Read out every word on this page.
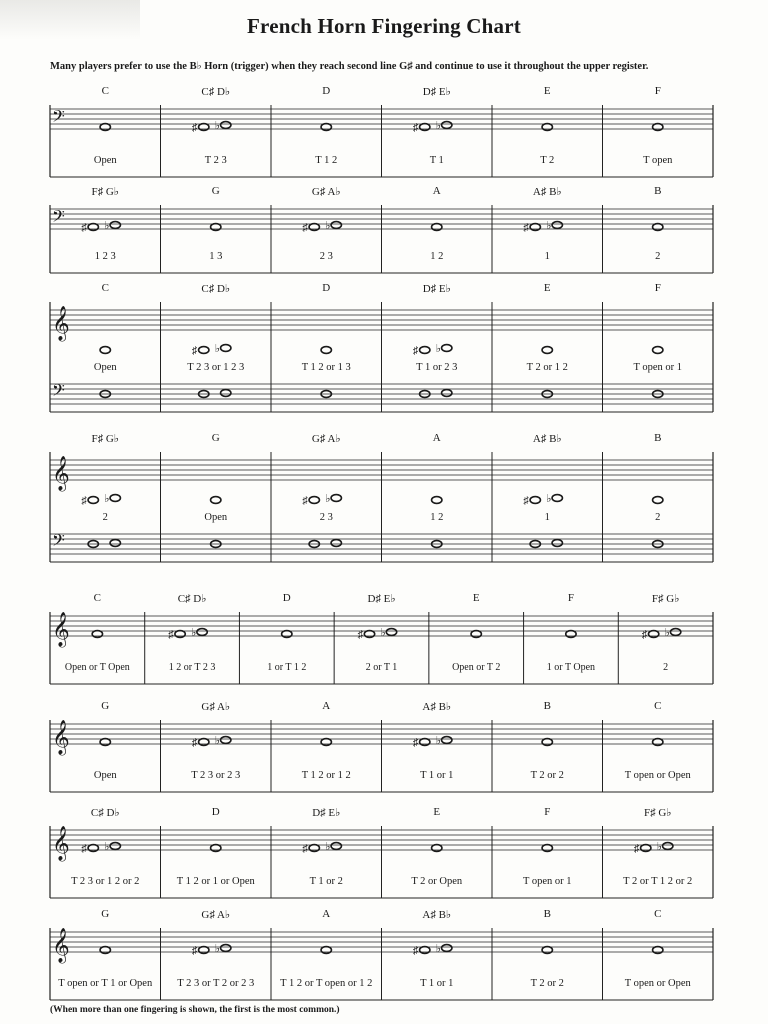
French Horn Fingering Chart
Many players prefer to use the B♭ Horn (trigger) when they reach second line G♯ and continue to use it throughout the upper register.
𝄢	♯ ♭	♯ ♭
C
Open
C♯ D♭
T 2 3
D
T 1 2
D♯ E♭
T 1
E
T 2
F
T open
𝄢 ♯ ♭	♯ ♭	♯ ♭
F♯ G♭
1 2 3
G
1 3
G♯ A♭
2 3
A
1 2
A♯ B♭
1
B
2
𝄞
𝄢
♯ ♭	♯ ♭
C
Open
C♯ D♭
T 2 3 or 1 2 3
D
T 1 2 or 1 3
D♯ E♭
T 1 or 2 3
E
T 2 or 1 2
F
T open or 1
𝄞
𝄢
♯ ♭	♯ ♭	♯ ♭
F♯ G♭
2
G
Open
G♯ A♭
2 3
A
1 2
A♯ B♭
1
B
2
𝄞	♯ ♭	♯ ♭	♯ ♭
C
Open or T Open
C♯ D♭
1 2 or T 2 3
D
1 or T 1 2
D♯ E♭
2 or T 1
E
Open or T 2
F
1 or T Open
F♯ G♭
2
𝄞	♯ ♭	♯ ♭
G
Open
G♯ A♭
T 2 3 or 2 3
A
T 1 2 or 1 2
A♯ B♭
T 1 or 1
B
T 2 or 2
C
T open or Open
𝄞 ♯ ♭	♯ ♭	♯ ♭
C♯ D♭
T 2 3 or 1 2 or 2
D
T 1 2 or 1 or Open
D♯ E♭
T 1 or 2
E
T 2 or Open
F
T open or 1
F♯ G♭
T 2 or T 1 2 or 2
𝄞	♯ ♭	♯ ♭
G
T open or T 1 or Open
G♯ A♭
T 2 3 or T 2 or 2 3
A
T 1 2 or T open or 1 2
A♯ B♭
T 1 or 1
B
T 2 or 2
C
T open or Open
(When more than one fingering is shown, the first is the most common.)
